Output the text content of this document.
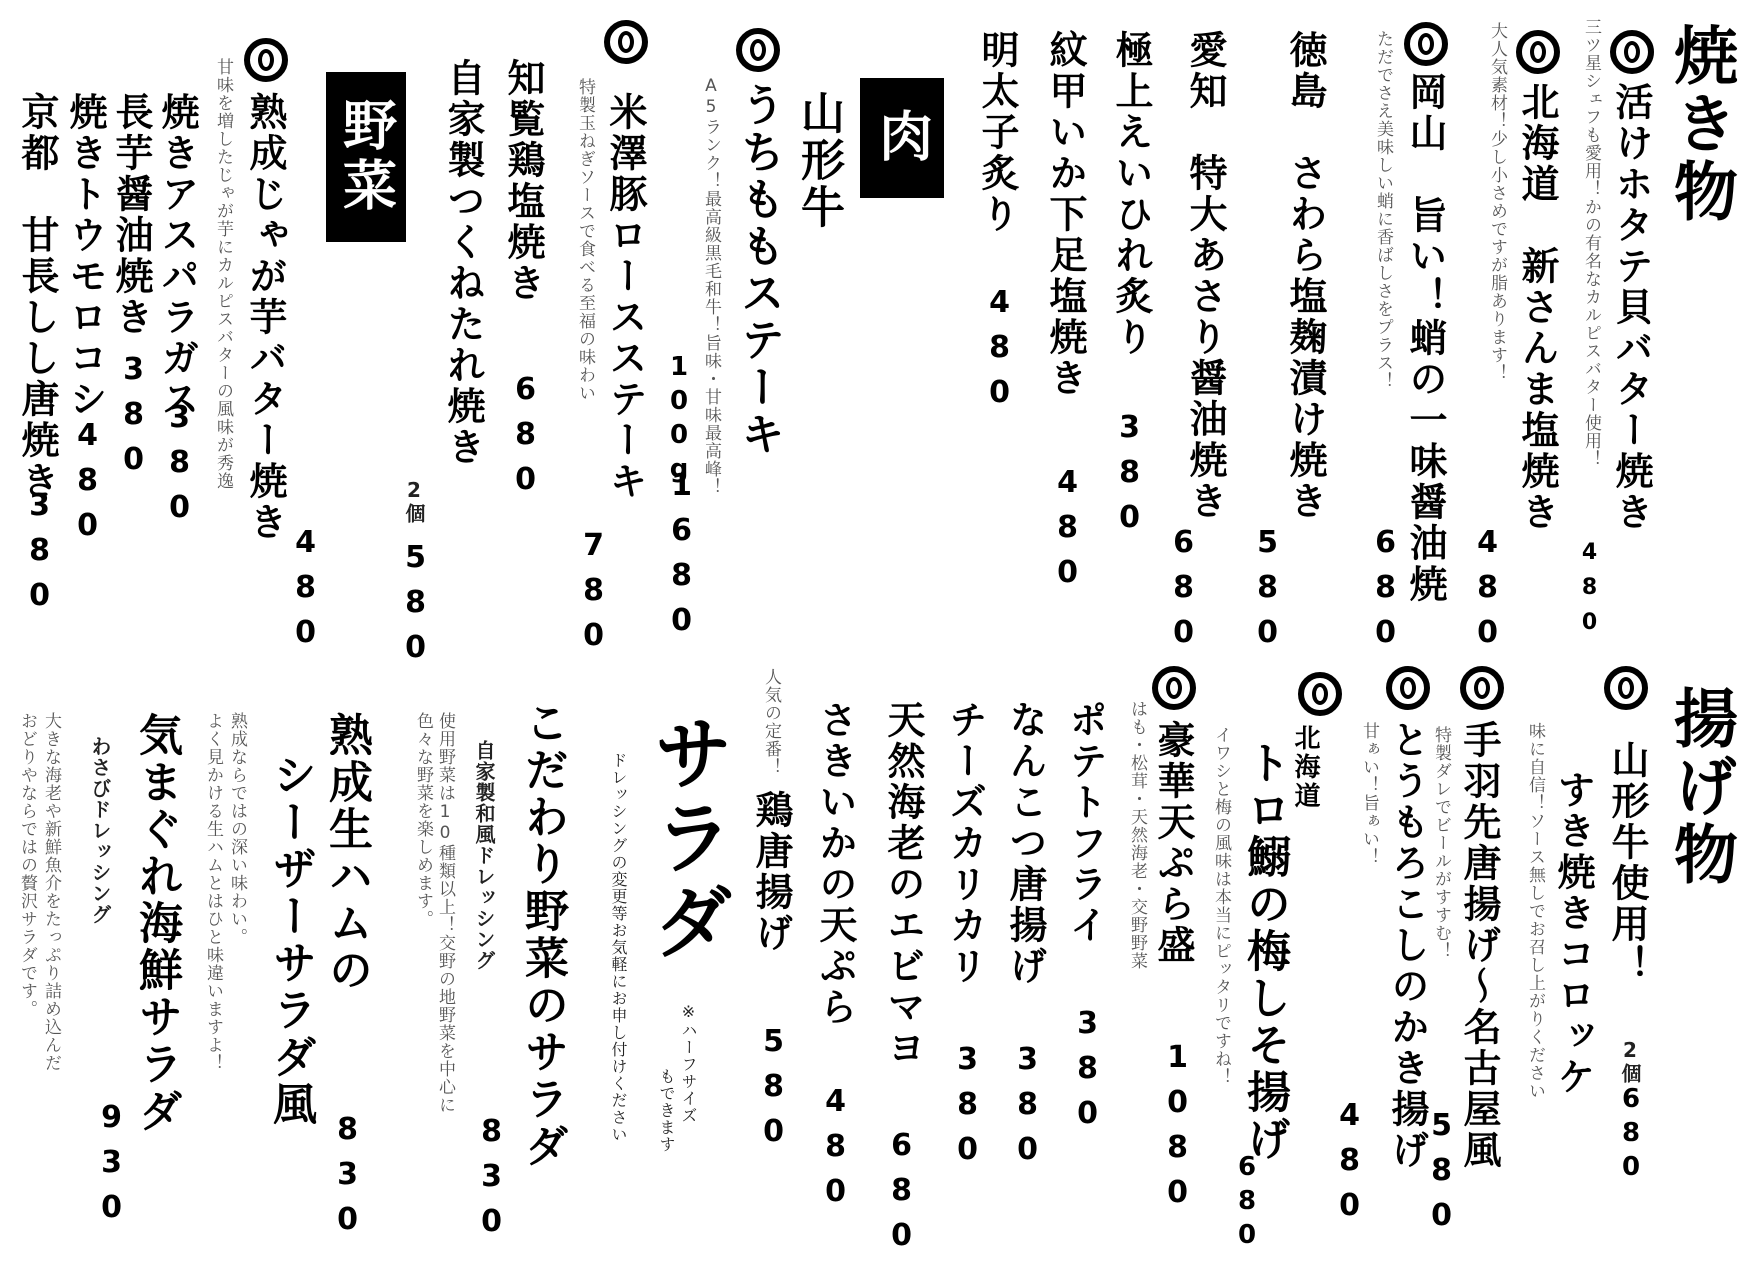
焼き物
活けホタテ貝バター焼き
三ツ星シェフも愛用！かの有名なカルピスバター使用！
480
北海道　新さんま塩焼き
大人気素材！少し小さめですが脂あります！
480
岡山　旨い！蛸の一味醤油焼
ただでさえ美味しい蛸に香ばしさをプラス！
680
徳島　さわら塩麹漬け焼き
580
愛知　特大あさり醤油焼き
680
極上えいひれ炙り
380
紋甲いか下足塩焼き
480
明太子炙り
480
肉
山形牛
うちももステーキ
A5ランク！最高級黒毛和牛！旨味・甘味最高峰！
100g
1680
米澤豚ロースステーキ
特製玉ねぎソースで食べる至福の味わい
780
知覧鶏塩焼き
680
自家製つくねたれ焼き
2個
580
野菜
熟成じゃが芋バター焼き
甘味を増したじゃが芋にカルピスバターの風味が秀逸
480
焼きアスパラガス
380
長芋醤油焼き
380
焼きトウモロコシ
480
京都　甘長しし唐焼き
380
揚げ物
山形牛使用！
すき焼きコロッケ
味に自信！ソース無しでお召し上がりください	2個
680
手羽先唐揚げ〜名古屋風
特製ダレでビールがすすむ！
580
とうもろこしのかき揚げ
甘ぁい！旨ぁい！
480
北海道
トロ鰯の梅しそ揚げ
イワシと梅の風味は本当にピッタリですね！
680
豪華天ぷら盛
はも・松茸・天然海老・交野野菜
1080
ポテトフライ
380
なんこつ唐揚げ
380
チーズカリカリ
380
天然海老のエビマヨ
680
さきいかの天ぷら
480
人気の定番！
鶏唐揚げ
580
サラダ
ドレッシングの変更等お気軽にお申し付けください	※ハーフサイズ
もできます
こだわり野菜のサラダ
自家製和風ドレッシング
使用野菜は10種類以上！交野の地野菜を中心に
色々な野菜を楽しめます。
830
熟成生ハムの
シーザーサラダ風
熟成ならではの深い味わい。
よく見かける生ハムとはひと味違いますよ！
830
気まぐれ海鮮サラダ
わさびドレッシング
大きな海老や新鮮魚介をたっぷり詰め込んだ
おどりやならではの贅沢サラダです。
930
